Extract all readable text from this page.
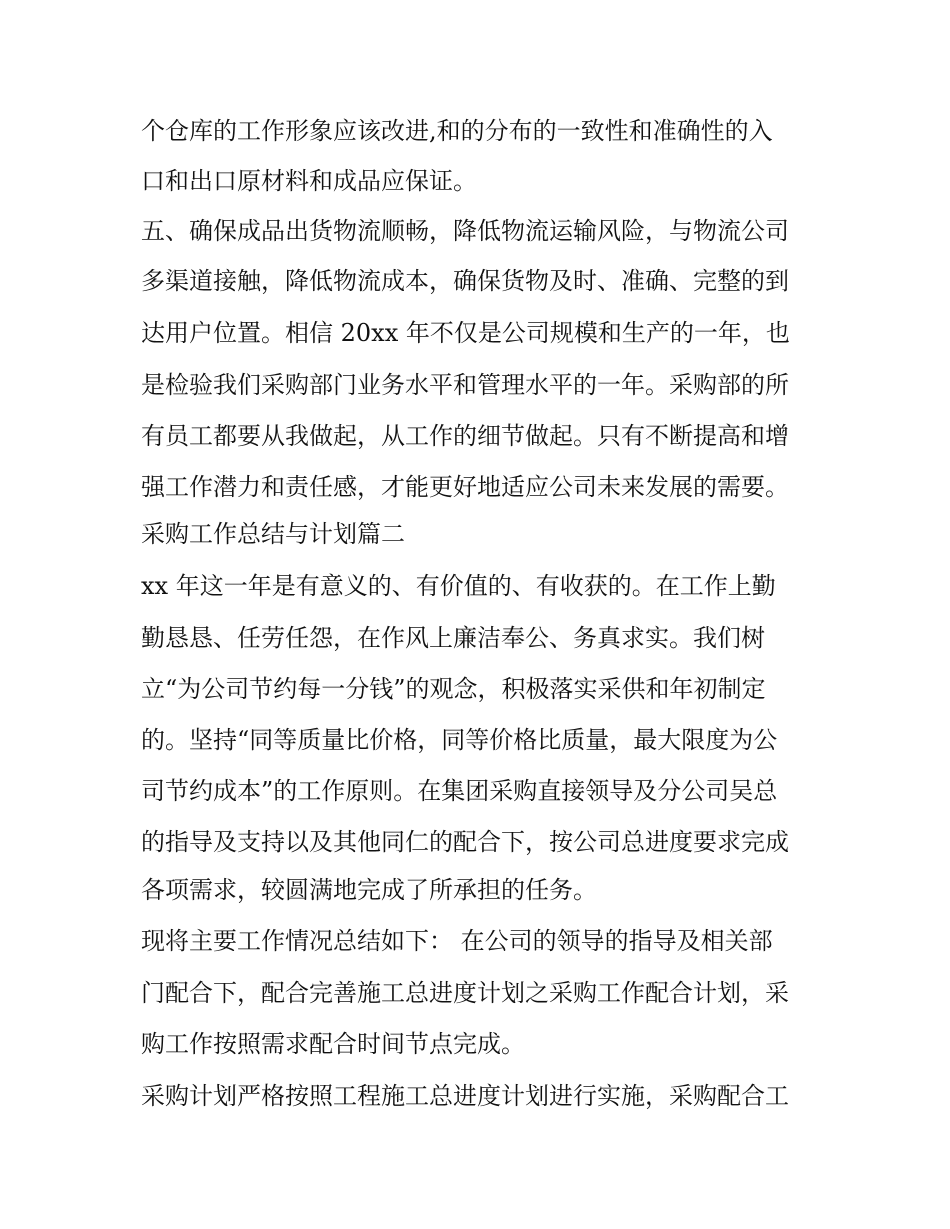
个仓库的工作形象应该改进,和的分布的一致性和准确性的入
口和出口原材料和成品应保证。
五、确保成品出货物流顺畅，降低物流运输风险，与物流公司
多渠道接触，降低物流成本，确保货物及时、准确、完整的到
达用户位置。相信 20xx 年不仅是公司规模和生产的一年，也
是检验我们采购部门业务水平和管理水平的一年。采购部的所
有员工都要从我做起，从工作的细节做起。只有不断提高和增
强工作潜力和责任感，才能更好地适应公司未来发展的需要。
采购工作总结与计划篇二
xx 年这一年是有意义的、有价值的、有收获的。在工作上勤
勤恳恳、任劳任怨，在作风上廉洁奉公、务真求实。我们树
立“为公司节约每一分钱”的观念，积极落实采供和年初制定
的。坚持“同等质量比价格，同等价格比质量，最大限度为公
司节约成本”的工作原则。在集团采购直接领导及分公司吴总
的指导及支持以及其他同仁的配合下，按公司总进度要求完成
各项需求，较圆满地完成了所承担的任务。
现将主要工作情况总结如下： 在公司的领导的指导及相关部
门配合下，配合完善施工总进度计划之采购工作配合计划，采
购工作按照需求配合时间节点完成。
采购计划严格按照工程施工总进度计划进行实施，采购配合工
